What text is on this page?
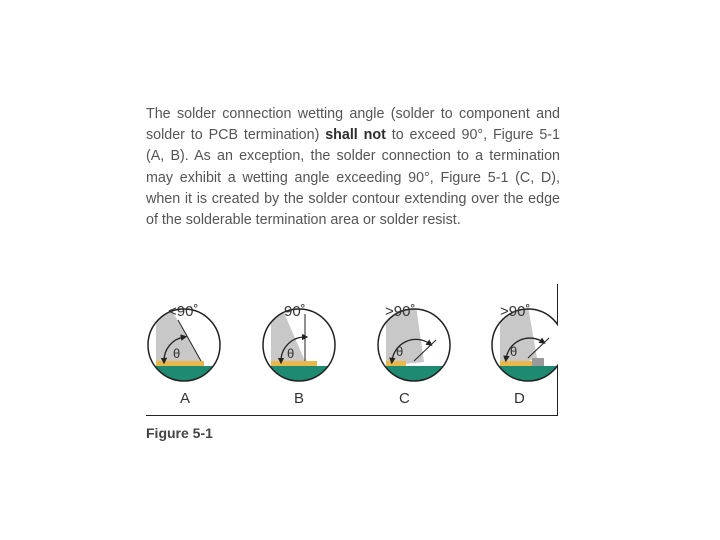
The solder connection wetting angle (solder to component and solder to PCB termination) shall not to exceed 90°, Figure 5-1 (A, B). As an exception, the solder connection to a termination may exhibit a wetting angle exceeding 90°, Figure 5-1 (C, D), when it is created by the solder contour extending over the edge of the solderable termination area or solder resist.

<90˚
θ
A
90˚
θ
B
>90˚
θ
C
>90˚
θ
D
Figure 5-1
